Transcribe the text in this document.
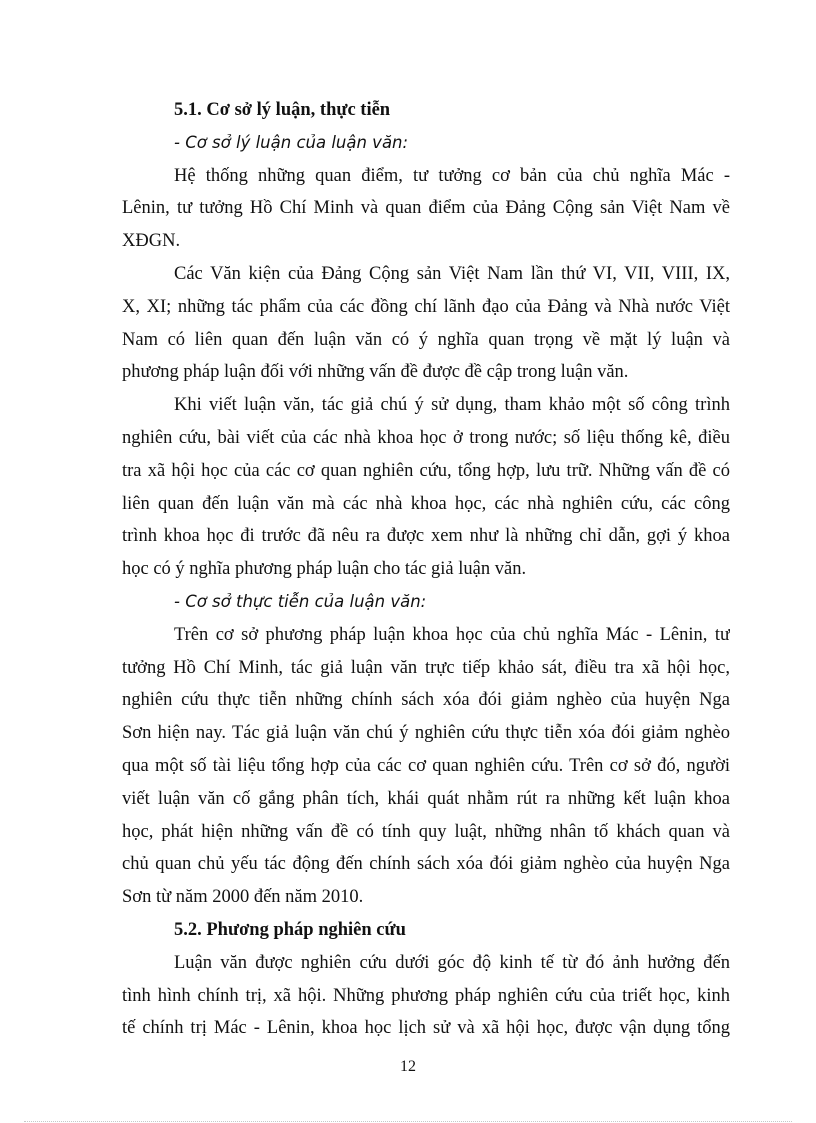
5.1. Cơ sở lý luận, thực tiễn
- Cơ sở lý luận của luận văn:
Hệ thống những quan điểm, tư tưởng cơ bản của chủ nghĩa Mác -
Lênin, tư tưởng Hồ Chí Minh và quan điểm của Đảng Cộng sản Việt Nam về
XĐGN.
Các Văn kiện của Đảng Cộng sản Việt Nam lần thứ VI, VII, VIII, IX,
X, XI; những tác phẩm của các đồng chí lãnh đạo của Đảng và Nhà nước Việt
Nam có liên quan đến luận văn có ý nghĩa quan trọng về mặt lý luận và
phương pháp luận đối với những vấn đề được đề cập trong luận văn.
Khi viết luận văn, tác giả chú ý sử dụng, tham khảo một số công trình
nghiên cứu, bài viết của các nhà khoa học ở trong nước; số liệu thống kê, điều
tra xã hội học của các cơ quan nghiên cứu, tổng hợp, lưu trữ. Những vấn đề có
liên quan đến luận văn mà các nhà khoa học, các nhà nghiên cứu, các công
trình khoa học đi trước đã nêu ra được xem như là những chỉ dẫn, gợi ý khoa
học có ý nghĩa phương pháp luận cho tác giả luận văn.
- Cơ sở thực tiễn của luận văn:
Trên cơ sở phương pháp luận khoa học của chủ nghĩa Mác - Lênin, tư
tưởng Hồ Chí Minh, tác giả luận văn trực tiếp khảo sát, điều tra xã hội học,
nghiên cứu thực tiễn những chính sách xóa đói giảm nghèo của huyện Nga
Sơn hiện nay. Tác giả luận văn chú ý nghiên cứu thực tiễn xóa đói giảm nghèo
qua một số tài liệu tổng hợp của các cơ quan nghiên cứu. Trên cơ sở đó, người
viết luận văn cố gắng phân tích, khái quát nhằm rút ra những kết luận khoa
học, phát hiện những vấn đề có tính quy luật, những nhân tố khách quan và
chủ quan chủ yếu tác động đến chính sách xóa đói giảm nghèo của huyện Nga
Sơn từ năm 2000 đến năm 2010.
5.2. Phương pháp nghiên cứu
Luận văn được nghiên cứu dưới góc độ kinh tế từ đó ảnh hưởng đến
tình hình chính trị, xã hội. Những phương pháp nghiên cứu của triết học, kinh
tế chính trị Mác - Lênin, khoa học lịch sử và xã hội học, được vận dụng tổng
12
